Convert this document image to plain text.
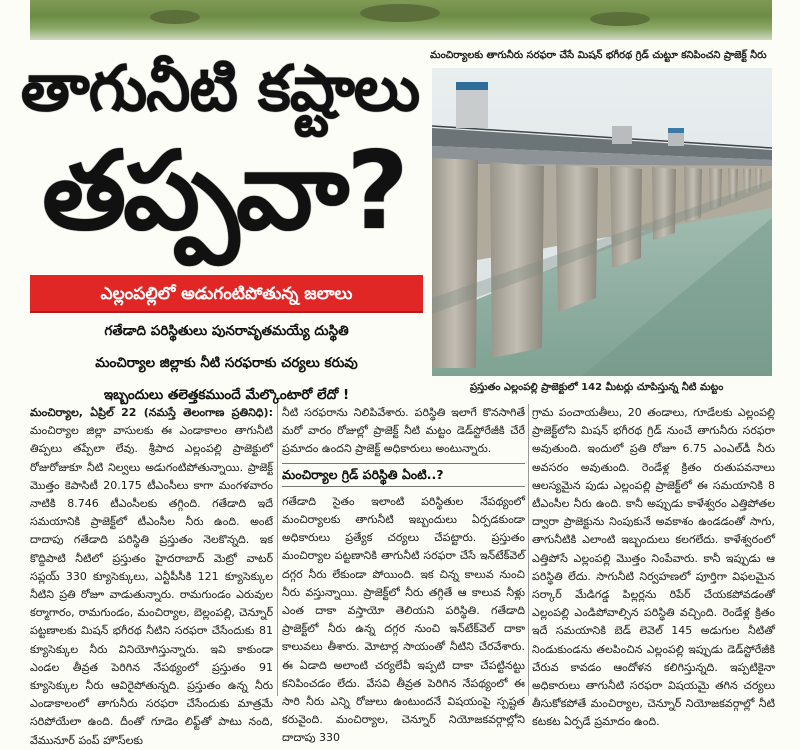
తాగునీటి కష్టాలు
తప్పవా?
ఎల్లంపల్లిలో అడుగంటిపోతున్న జలాలు
గతేడాది పరిస్థితులు పునరావృతమయ్యే దుస్థితి
మంచిర్యాల జిల్లాకు నీటి సరఫరాకు చర్యలు కరువు
ఇబ్బందులు తలెత్తకముందే మేల్కొంటారో లేదో !
మంచిర్యాలకు తాగునీరు సరఫరా చేసే మిషన్ భగీరథ గ్రిడ్ చుట్టూ కనిపించని ప్రాజెక్ట్ నీరు
ప్రస్తుతం ఎల్లంపల్లి ప్రాజెక్టులో 142 మీటర్లు చూపిస్తున్న నీటి మట్టం

మంచిర్యాల, ఏప్రిల్ 22 (నమస్తే తెలంగాణ ప్రతినిధి): మంచిర్యాల జిల్లా వాసులకు ఈ ఎండాకాలం తాగునీటి తిప్పలు తప్పేలా లేవు. శ్రీపాద ఎల్లంపల్లి ప్రాజెక్టులో రోజురోజుకూ నీటి నిల్వలు అడుగంటిపోతున్నాయి. ప్రాజెక్ట్ మొత్తం కెపాసిటీ 20.175 టీఎంసీలు కాగా మంగళవారం నాటికి 8.746 టీఎంసీలకు తగ్గింది. గతేడాది ఇదే సమయానికి ప్రాజెక్ట్‌లో టీఎంసీల నీరు ఉంది. అంటే దాదాపు గతేడాది పరిస్థితి ప్రస్తుతం నెలకొన్నది. ఇక కొద్దిపాటి నీటిలో ప్రస్తుతం హైదరాబాద్ మెట్రో వాటర్ సప్లయ్ 330 క్యూసెక్కులు, ఎన్టీపీసీకి 121 క్యూసెక్కుల నీటిని ప్రతి రోజూ వాడుతున్నారు. రామగుండం ఎరువుల కర్మాగారం, రామగుండం, మంచిర్యాల, బెల్లంపల్లి, చెన్నూర్ పట్టణాలకు మిషన్ భగీరథ నీటిని సరఫరా చేసేందుకు 81 క్యూసెక్కుల నీరు వినియోగిస్తున్నారు. ఇవి కాకుండా ఎండల తీవ్రత పెరిగిన నేపథ్యంలో ప్రస్తుతం 91 క్యూసెక్కుల నీరు ఆవిరైపోతున్నది. ప్రస్తుతం ఉన్న నీరు ఎండాకాలంలో తాగునీరు సరఫరా చేసేందుకు మాత్రమే సరిపోయేలా ఉంది. దీంతో గూడెం లిఫ్ట్‌తో పాటు నంది, వేమునూర్ పంప్ హౌస్‌లకు

నీటి సరఫరాను నిలిపివేశారు. పరిస్థితి ఇలాగే కొనసాగితే మరో వారం రోజుల్లో ప్రాజెక్ట్ నీటి మట్టం డెడ్‌స్టోరేజీకి చేరే ప్రమాదం ఉందని ప్రాజెక్ట్ అధికారులు అంటున్నారు.

మంచిర్యాల గ్రిడ్ పరిస్థితి ఏంటి..?

గతేడాది సైతం ఇలాంటి పరిస్థితుల నేపథ్యంలో మంచిర్యాలకు తాగునీటి ఇబ్బందులు ఏర్పడకుండా అధికారులు ప్రత్యేక చర్యలు చేపట్టారు. ప్రస్తుతం మంచిర్యాల పట్టణానికి తాగునీటి సరఫరా చేసే ఇన్‌టేక్‌వెల్ దగ్గర నీరు లేకుండా పోయింది. ఇక చిన్న కాలువ నుంచి నీరు వస్తున్నాయి. ప్రాజెక్ట్‌లో నీరు తగ్గితే ఆ కాలువ నీళ్లు ఎంత దాకా వస్తాయో తెలియని పరిస్థితి. గతేడాది ప్రాజెక్ట్‌లో నీరు ఉన్న దగ్గర నుంచి ఇన్‌టేక్‌వెల్ దాకా కాలువలు తీశారు. మోటార్ల సాయంతో నీటిని చేరవేశారు. ఈ ఏడాది అలాంటి చర్యలేవీ ఇప్పటి దాకా చేపట్టినట్టు కనిపించడం లేదు. వేసవి తీవ్రత పెరిగిన నేపథ్యంలో ఈ సారి నీరు ఎన్ని రోజులు ఉంటుందనే విషయంపై స్పష్టత కరువైంది. మంచిర్యాల, చెన్నూర్ నియోజకవర్గాల్లోని దాదాపు 330

గ్రామ పంచాయతీలు, 20 తండాలు, గూడేలకు ఎల్లంపల్లి ప్రాజెక్ట్‌లోని మిషన్ భగీరథ గ్రిడ్ నుంచే తాగునీరు సరఫరా అవుతుంది. ఇందులో ప్రతి రోజూ 6.75 ఎంఎల్‌డీ నీరు అవసరం అవుతుంది. రెండేళ్ల క్రితం రుతుపవనాలు ఆలస్యమైన పుడు ఎల్లంపల్లి ప్రాజెక్ట్‌లో ఈ సమయానికి 8 టీఎంసీల నీరు ఉంది. కానీ అప్పుడు కాళేశ్వరం ఎత్తిపోతల ద్వారా ప్రాజెక్టును నింపుకునే అవకాశం ఉండడంతో సాగు, తాగునీటికి ఎలాంటి ఇబ్బందులు కలగలేదు. కాళేశ్వరంలో ఎత్తిపోసే ఎల్లంపల్లి మొత్తం నింపేవారు. కానీ ఇప్పుడు ఆ పరిస్థితి లేదు. సాగునీటి నిర్వహణలో పూర్తిగా విఫలమైన సర్కార్ మేడిగడ్డ పిల్లర్లను రిపేర్ చేయకపోవడంతో ఎల్లంపల్లి ఎండిపోవాల్సిన పరిస్థితి వచ్చింది. రెండేళ్ల క్రితం ఇదే సమయానికి బెడ్ లెవెల్ 145 అడుగుల నీటితో నిండుకుండను తలపించిన ఎల్లంపల్లి ఇప్పుడు డెడ్‌స్టోరేజీకి చేరువ కావడం ఆందోళన కలిగిస్తున్నది. ఇప్పటికైనా అధికారులు తాగునీటి సరఫరా విషయమై తగిన చర్యలు తీసుకోకపోతే మంచిర్యాల, చెన్నూర్ నియోజకవర్గాల్లో నీటి కటకట ఏర్పడే ప్రమాదం ఉంది.
